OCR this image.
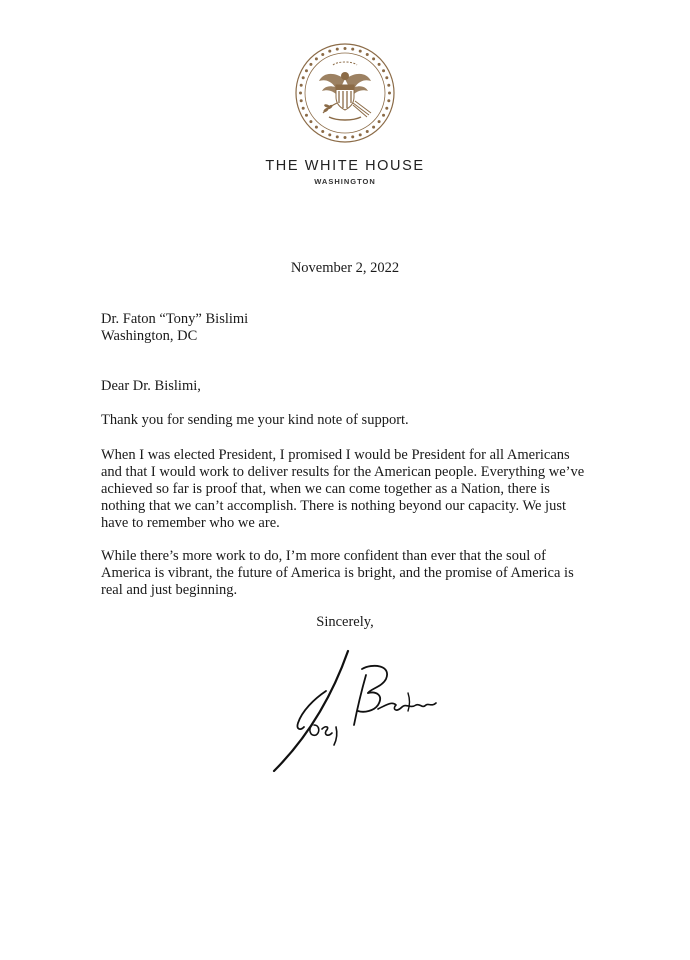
THE WHITE HOUSE
WASHINGTON
November 2, 2022
Dr. Faton “Tony” Bislimi
Washington, DC
Dear Dr. Bislimi,
Thank you for sending me your kind note of support.
When I was elected President, I promised I would be President for all Americans
and that I would work to deliver results for the American people. Everything we’ve
achieved so far is proof that, when we can come together as a Nation, there is
nothing that we can’t accomplish. There is nothing beyond our capacity. We just
have to remember who we are.
While there’s more work to do, I’m more confident than ever that the soul of
America is vibrant, the future of America is bright, and the promise of America is
real and just beginning.
Sincerely,
